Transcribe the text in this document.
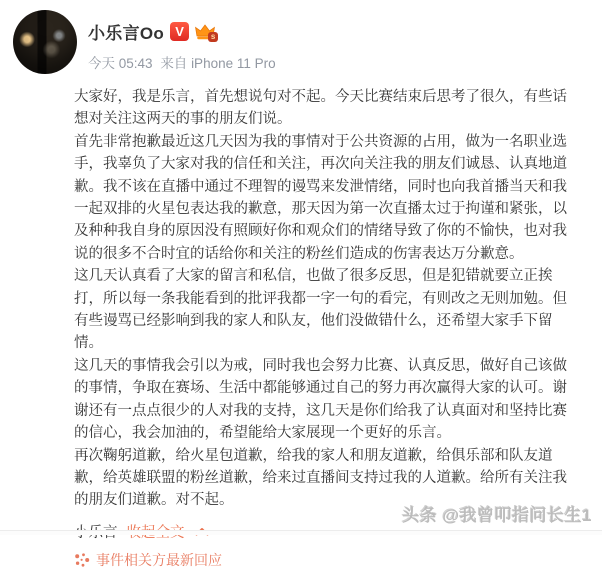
小乐言Oo V	s
今天 05:43 来自 iPhone 11 Pro

大家好，我是乐言，首先想说句对不起。今天比赛结束后思考了很久，有些话想对关注这两天的事的朋友们说。

首先非常抱歉最近这几天因为我的事情对于公共资源的占用，做为一名职业选手，我辜负了大家对我的信任和关注，再次向关注我的朋友们诚恳、认真地道歉。我不该在直播中通过不理智的谩骂来发泄情绪，同时也向我首播当天和我一起双排的火星包表达我的歉意，那天因为第一次直播太过于拘谨和紧张，以及种种我自身的原因没有照顾好你和观众们的情绪导致了你的不愉快，也对我说的很多不合时宜的话给你和关注的粉丝们造成的伤害表达万分歉意。

这几天认真看了大家的留言和私信，也做了很多反思，但是犯错就要立正挨打，所以每一条我能看到的批评我都一字一句的看完，有则改之无则加勉。但有些谩骂已经影响到我的家人和队友，他们没做错什么，还希望大家手下留情。

这几天的事情我会引以为戒，同时我也会努力比赛、认真反思，做好自己该做的事情，争取在赛场、生活中都能够通过自己的努力再次赢得大家的认可。谢谢还有一点点很少的人对我的支持，这几天是你们给我了认真面对和坚持比赛的信心，我会加油的，希望能给大家展现一个更好的乐言。

再次鞠躬道歉，给火星包道歉，给我的家人和朋友道歉，给俱乐部和队友道歉，给英雄联盟的粉丝道歉，给来过直播间支持过我的人道歉。给所有关注我的朋友们道歉。对不起。

事件相关方最新回应
头条 @我曾叩指问长生1
